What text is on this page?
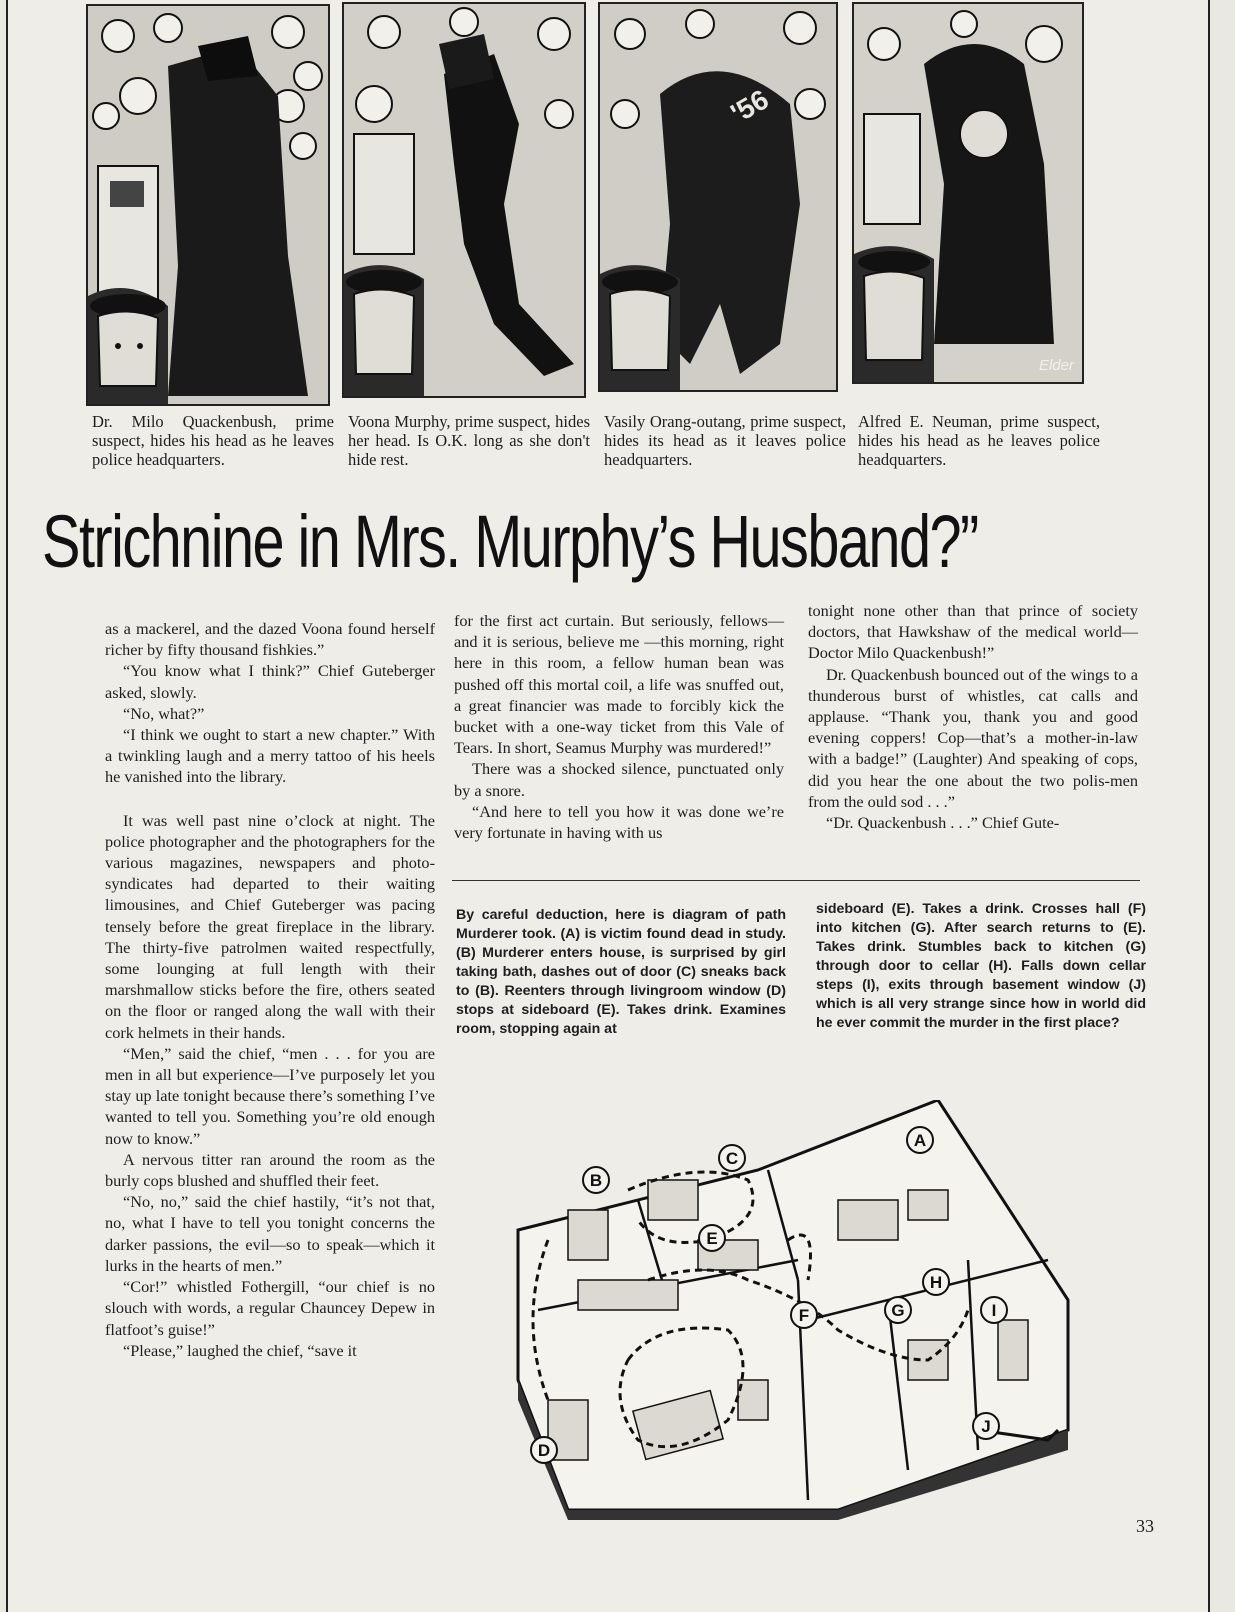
Dr. Milo Quackenbush, prime suspect, hides his head as he leaves police headquarters.
Voona Murphy, prime suspect, hides her head. Is O.K. long as she don't hide rest.
'56
Vasily Orang-outang, prime suspect, hides its head as it leaves police headquarters.
Elder
Alfred E. Neuman, prime suspect, hides his head as he leaves police headquarters.
Strichnine in Mrs. Murphy’s Husband?”

as a mackerel, and the dazed Voona found herself richer by fifty thousand fishkies.”

“You know what I think?” Chief Guteberger asked, slowly.

“No, what?”

“I think we ought to start a new chapter.” With a twinkling laugh and a merry tattoo of his heels he vanished into the library.

It was well past nine o’clock at night. The police photographer and the photographers for the various magazines, newspapers and photo-syndicates had departed to their waiting limousines, and Chief Guteberger was pacing tensely before the great fireplace in the library. The thirty-five patrolmen waited respectfully, some lounging at full length with their marshmallow sticks before the fire, others seated on the floor or ranged along the wall with their cork helmets in their hands.

“Men,” said the chief, “men . . . for you are men in all but experience—I’ve purposely let you stay up late tonight because there’s something I’ve wanted to tell you. Something you’re old enough now to know.”

A nervous titter ran around the room as the burly cops blushed and shuffled their feet.

“No, no,” said the chief hastily, “it’s not that, no, what I have to tell you tonight concerns the darker passions, the evil—so to speak—which it lurks in the hearts of men.”

“Cor!” whistled Fothergill, “our chief is no slouch with words, a regular Chauncey Depew in flatfoot’s guise!”

“Please,” laughed the chief, “save it

for the first act curtain. But seriously, fellows—and it is serious, believe me —this morning, right here in this room, a fellow human bean was pushed off this mortal coil, a life was snuffed out, a great financier was made to forcibly kick the bucket with a one-way ticket from this Vale of Tears. In short, Seamus Murphy was murdered!”

There was a shocked silence, punctuated only by a snore.

“And here to tell you how it was done we’re very fortunate in having with us

tonight none other than that prince of society doctors, that Hawkshaw of the medical world—Doctor Milo Quackenbush!”

Dr. Quackenbush bounced out of the wings to a thunderous burst of whistles, cat calls and applause. “Thank you, thank you and good evening coppers! Cop—that’s a mother-in-law with a badge!” (Laughter) And speaking of cops, did you hear the one about the two polis-men from the ould sod . . .”

“Dr. Quackenbush . . .” Chief Gute-

By careful deduction, here is diagram of path Murderer took. (A) is victim found dead in study. (B) Murderer enters house, is surprised by girl taking bath, dashes out of door (C) sneaks back to (B). Reenters through livingroom window (D) stops at sideboard (E). Takes drink. Examines room, stopping again at
sideboard (E). Takes a drink. Crosses hall (F) into kitchen (G). After search returns to (E). Takes drink. Stumbles back to kitchen (G) through door to cellar (H). Falls down cellar steps (I), exits through basement window (J) which is all very strange since how in world did he ever commit the murder in the first place?
A
B
C
D
E
F	G
H
I
J
33
